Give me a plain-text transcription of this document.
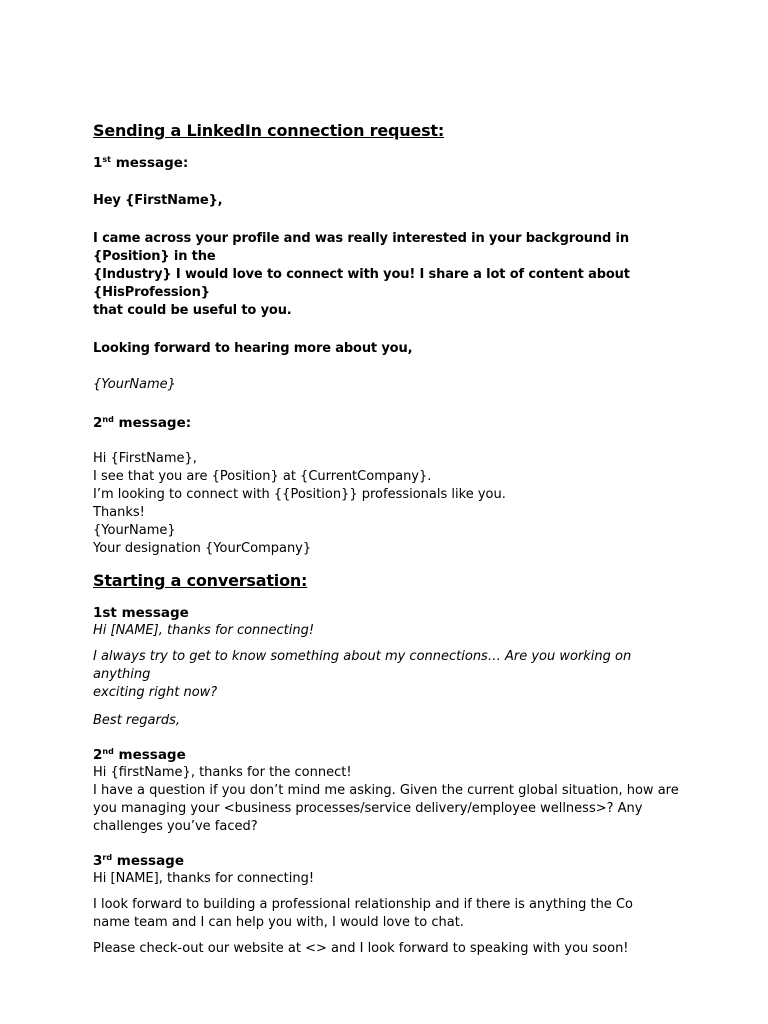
Sending a LinkedIn connection request:

1st message:

Hey {FirstName},

I came across your profile and was really interested in your background in {Position} in the

{Industry} I would love to connect with you! I share a lot of content about {HisProfession}

that could be useful to you.

Looking forward to hearing more about you,

{YourName}

2nd message:

Hi {FirstName},

I see that you are {Position} at {CurrentCompany}.

I’m looking to connect with {{Position}} professionals like you.

Thanks!

{YourName}

Your designation {YourCompany}

Starting a conversation:

1st message

Hi [NAME], thanks for connecting!

I always try to get to know something about my connections… Are you working on anything

exciting right now?

Best regards,

2nd message

Hi {firstName}, thanks for the connect!

I have a question if you don’t mind me asking. Given the current global situation, how are

you managing your <business processes/service delivery/employee wellness>? Any

challenges you’ve faced?

3rd message

Hi [NAME], thanks for connecting!

I look forward to building a professional relationship and if there is anything the Co

name team and I can help you with, I would love to chat.

Please check-out our website at <> and I look forward to speaking with you soon!
